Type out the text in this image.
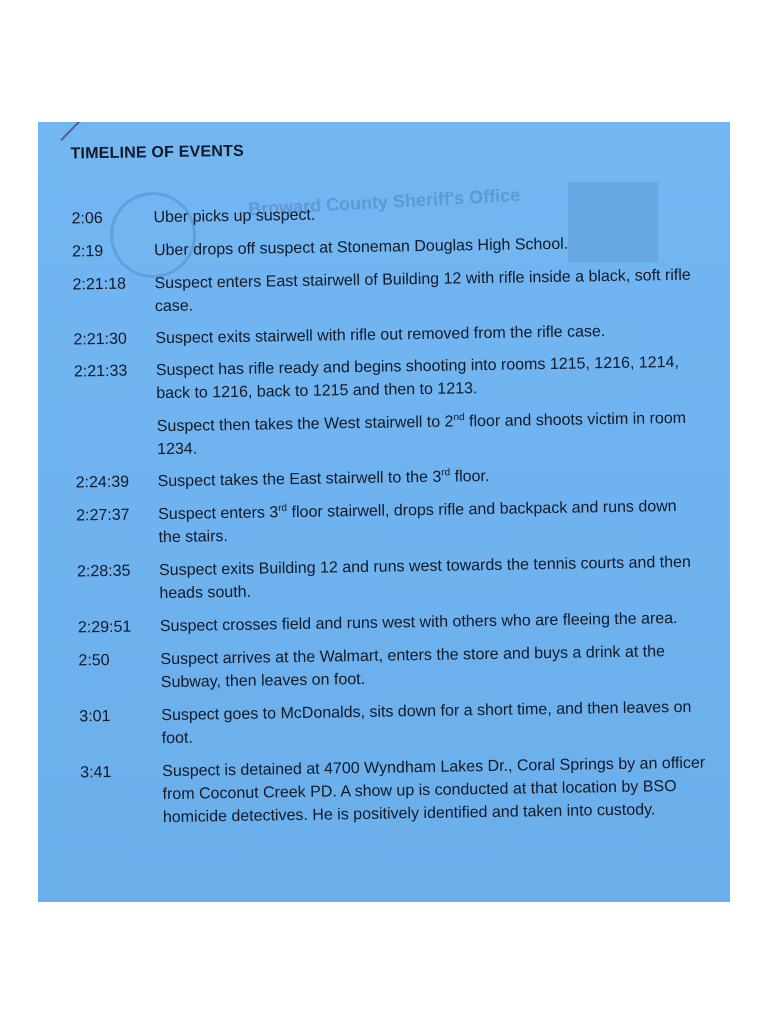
Broward County Sheriff's Office
TIMELINE OF EVENTS
2:06	Uber picks up suspect.
2:19	Uber drops off suspect at Stoneman Douglas High School.
2:21:18	Suspect enters East stairwell of Building 12 with rifle inside a black, soft rifle case.
2:21:30	Suspect exits stairwell with rifle out removed from the rifle case.
2:21:33	Suspect has rifle ready and begins shooting into rooms 1215, 1216, 1214, back to 1216, back to 1215 and then to 1213.
Suspect then takes the West stairwell to 2nd floor and shoots victim in room 1234.
2:24:39	Suspect takes the East stairwell to the 3rd floor.
2:27:37	Suspect enters 3rd floor stairwell, drops rifle and backpack and runs down the stairs.
2:28:35	Suspect exits Building 12 and runs west towards the tennis courts and then heads south.
2:29:51	Suspect crosses field and runs west with others who are fleeing the area.
2:50	Suspect arrives at the Walmart, enters the store and buys a drink at the Subway, then leaves on foot.
3:01	Suspect goes to McDonalds, sits down for a short time, and then leaves on foot.
3:41	Suspect is detained at 4700 Wyndham Lakes Dr., Coral Springs by an officer from Coconut Creek PD. A show up is conducted at that location by BSO homicide detectives. He is positively identified and taken into custody.
